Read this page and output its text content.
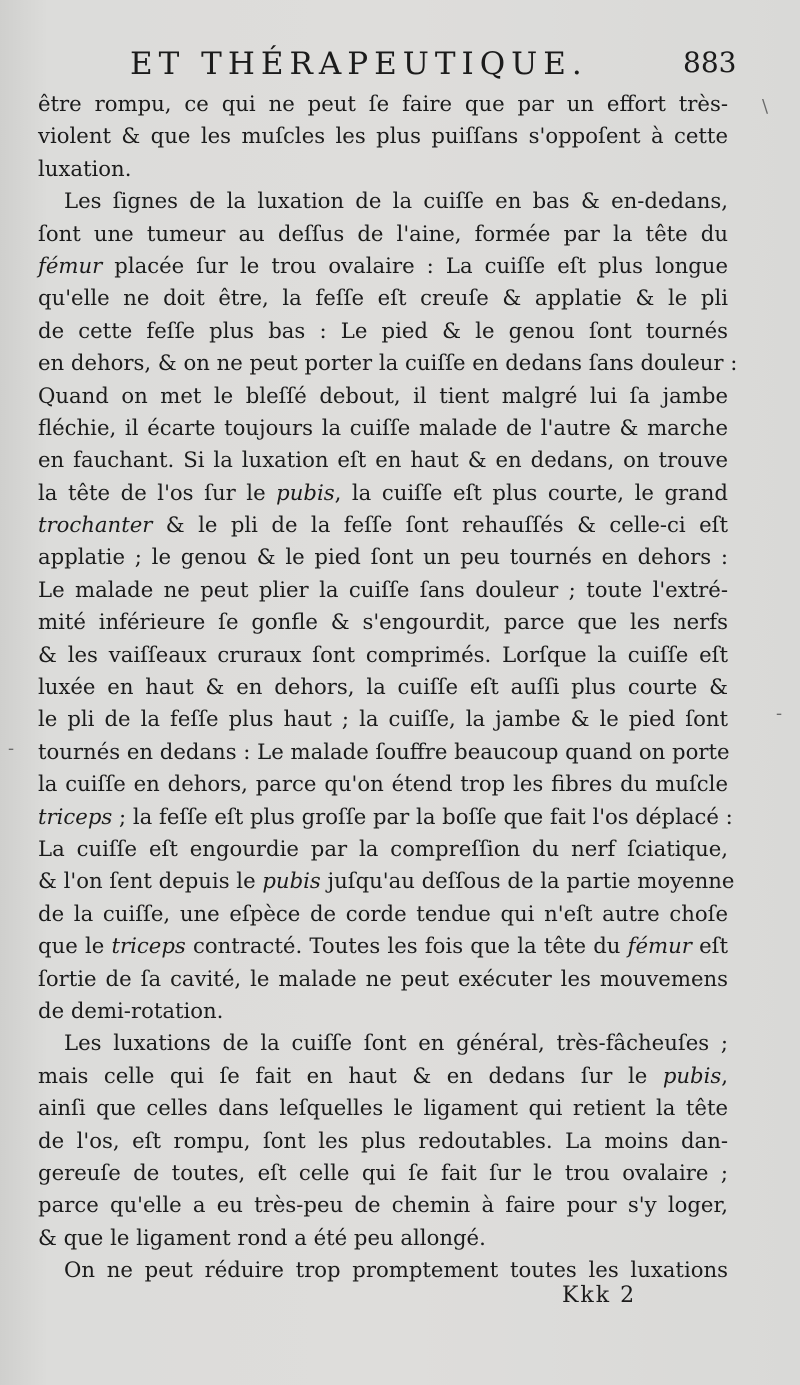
ET THÉRAPEUTIQUE.	883
être rompu, ce qui ne peut ſe faire que par un effort très-
violent & que les muſcles les plus puiſſans s'oppoſent à cette
luxation.
Les ſignes de la luxation de la cuiſſe en bas & en-dedans,
ſont une tumeur au deſſus de l'aine, formée par la tête du
fémur placée ſur le trou ovalaire : La cuiſſe eſt plus longue
qu'elle ne doit être, la feſſe eſt creuſe & applatie & le pli
de cette feſſe plus bas : Le pied & le genou ſont tournés
en dehors, & on ne peut porter la cuiſſe en dedans ſans douleur :
Quand on met le bleſſé debout, il tient malgré lui ſa jambe
fléchie, il écarte toujours la cuiſſe malade de l'autre & marche
en fauchant. Si la luxation eſt en haut & en dedans, on trouve
la tête de l'os ſur le pubis, la cuiſſe eſt plus courte, le grand
trochanter & le pli de la feſſe ſont rehauſſés & celle-ci eſt
applatie ; le genou & le pied ſont un peu tournés en dehors :
Le malade ne peut plier la cuiſſe ſans douleur ; toute l'extré-
mité inférieure ſe gonfle & s'engourdit, parce que les nerfs
& les vaiſſeaux cruraux ſont comprimés. Lorſque la cuiſſe eſt
luxée en haut & en dehors, la cuiſſe eſt auſſi plus courte &
le pli de la feſſe plus haut ; la cuiſſe, la jambe & le pied ſont
tournés en dedans : Le malade ſouffre beaucoup quand on porte
la cuiſſe en dehors, parce qu'on étend trop les fibres du muſcle
triceps ; la feſſe eſt plus groſſe par la boſſe que fait l'os déplacé :
La cuiſſe eſt engourdie par la compreſſion du nerf ſciatique,
& l'on ſent depuis le pubis juſqu'au deſſous de la partie moyenne
de la cuiſſe, une eſpèce de corde tendue qui n'eſt autre choſe
que le triceps contracté. Toutes les fois que la tête du fémur eſt
ſortie de ſa cavité, le malade ne peut exécuter les mouvemens
de demi-rotation.
Les luxations de la cuiſſe ſont en général, très-fâcheuſes ;
mais celle qui ſe fait en haut & en dedans ſur le pubis,
ainſi que celles dans leſquelles le ligament qui retient la tête
de l'os, eſt rompu, ſont les plus redoutables. La moins dan-
gereuſe de toutes, eſt celle qui ſe fait ſur le trou ovalaire ;
parce qu'elle a eu très-peu de chemin à faire pour s'y loger,
& que le ligament rond a été peu allongé.
On ne peut réduire trop promptement toutes les luxations
Kkk 2
\
-
-
